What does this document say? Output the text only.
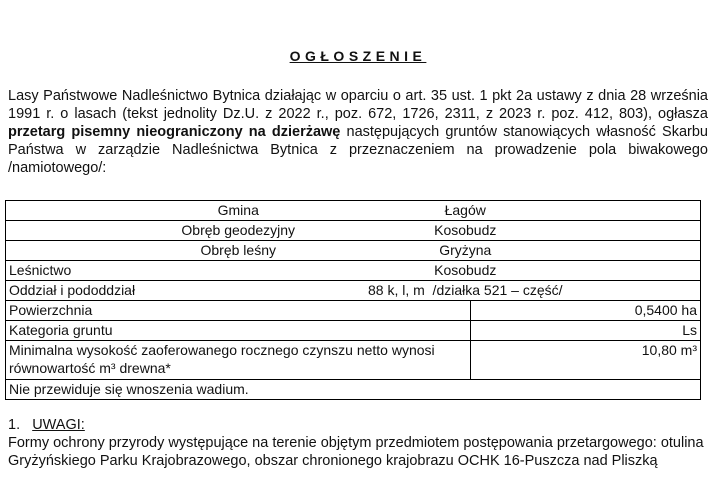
OGŁOSZENIE
Lasy Państwowe Nadleśnictwo Bytnica działając w oparciu o art. 35 ust. 1 pkt 2a ustawy z dnia 28 września 1991 r. o lasach (tekst jednolity Dz.U. z 2022 r., poz. 672, 1726, 2311, z 2023 r. poz. 412, 803), ogłasza przetarg pisemny nieograniczony na dzierżawę następujących gruntów stanowiących własność Skarbu Państwa w zarządzie Nadleśnictwa Bytnica z przeznaczeniem na prowadzenie pola biwakowego /namiotowego/:
Gmina	Łagów
Obręb geodezyjny	Kosobudz
Obręb leśny	Gryżyna
Leśnictwo	Kosobudz
Oddział i pododdział	88 k, l, m  /działka 521 – część/
Powierzchnia	0,5400 ha
Kategoria gruntu	Ls
Minimalna wysokość zaoferowanego rocznego czynszu netto wynosi równowartość m³ drewna*	10,80 m³
Nie przewiduje się wnoszenia wadium.	
1. UWAGI:
Formy ochrony przyrody występujące na terenie objętym przedmiotem postępowania przetargowego: otulina Gryżyńskiego Parku Krajobrazowego, obszar chronionego krajobrazu OCHK 16-Puszcza nad Pliszką
